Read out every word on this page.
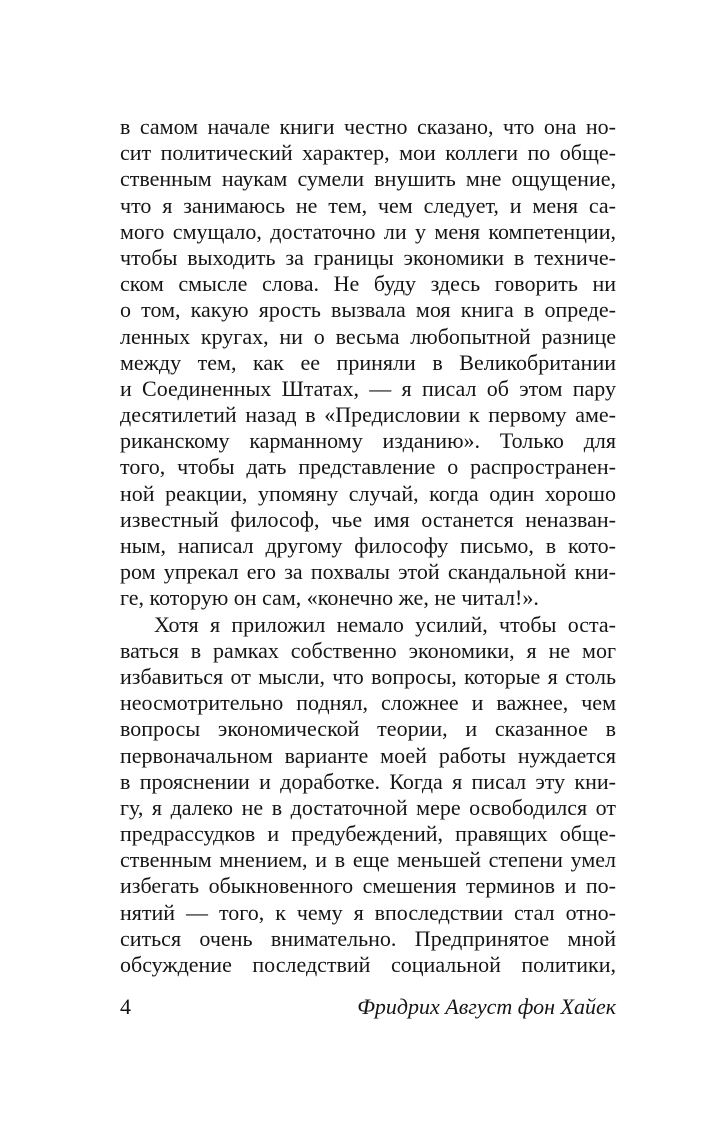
в самом начале книги честно сказано, что она но-
сит политический характер, мои коллеги по обще-
ственным наукам сумели внушить мне ощущение,
что я занимаюсь не тем, чем следует, и меня са-
мого смущало, достаточно ли у меня компетенции,
чтобы выходить за границы экономики в техниче-
ском смысле слова. Не буду здесь говорить ни
о том, какую ярость вызвала моя книга в опреде-
ленных кругах, ни о весьма любопытной разнице
между тем, как ее приняли в Великобритании
и Соединенных Штатах, — я писал об этом пару
десятилетий назад в «Предисловии к первому аме-
риканскому карманному изданию». Только для
того, чтобы дать представление о распространен-
ной реакции, упомяну случай, когда один хорошо
известный философ, чье имя останется неназван-
ным, написал другому философу письмо, в кото-
ром упрекал его за похвалы этой скандальной кни-
ге, которую он сам, «конечно же, не читал!».
Хотя я приложил немало усилий, чтобы оста-
ваться в рамках собственно экономики, я не мог
избавиться от мысли, что вопросы, которые я столь
неосмотрительно поднял, сложнее и важнее, чем
вопросы экономической теории, и сказанное в
первоначальном варианте моей работы нуждается
в прояснении и доработке. Когда я писал эту кни-
гу, я далеко не в достаточной мере освободился от
предрассудков и предубеждений, правящих обще-
ственным мнением, и в еще меньшей степени умел
избегать обыкновенного смешения терминов и по-
нятий — того, к чему я впоследствии стал отно-
ситься очень внимательно. Предпринятое мной
обсуждение последствий социальной политики,
4	Фридрих Август фон Хайек
